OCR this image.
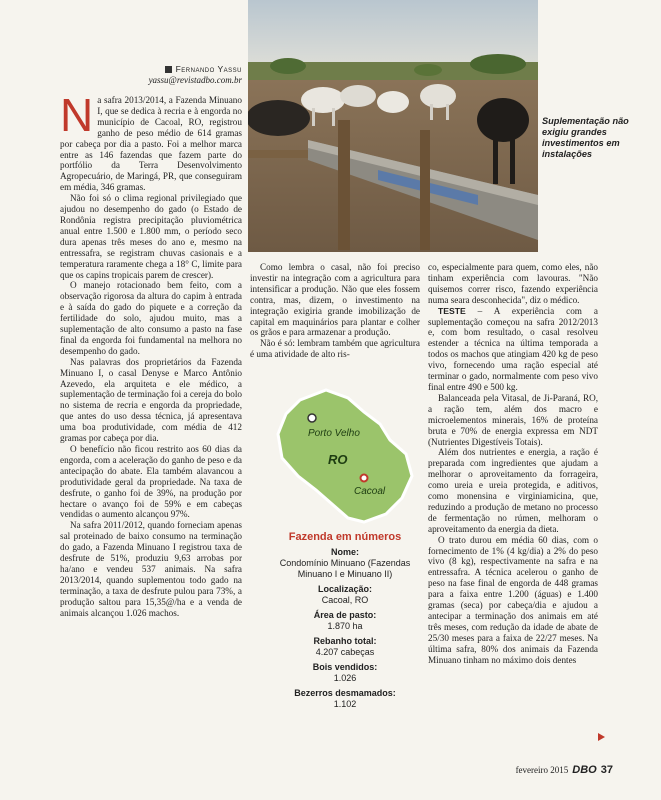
Suplementação não exigiu grandes investimentos em instalações
Fernando Yassu
yassu@revistadbo.com.br

Na safra 2013/2014, a Fazenda Minuano I, que se dedica à recria e à engorda no município de Cacoal, RO, registrou ganho de peso médio de 614 gramas por cabeça por dia a pasto. Foi a melhor marca entre as 146 fazendas que fazem parte do portfólio da Terra Desenvolvimento Agropecuário, de Maringá, PR, que conseguiram em média, 346 gramas.

Não foi só o clima regional privilegiado que ajudou no desempenho do gado (o Estado de Rondônia registra precipitação pluviométrica anual entre 1.500 e 1.800 mm, o período seco dura apenas três meses do ano e, mesmo na entressafra, se registram chuvas casionais e a temperatura raramente chega a 18° C, limite para que os capins tropicais parem de crescer).

O manejo rotacionado bem feito, com a observação rigorosa da altura do capim à entrada e à saída do gado do piquete e a correção da fertilidade do solo, ajudou muito, mas a suplementação de alto consumo a pasto na fase final da engorda foi fundamental na melhora no desempenho do gado.

Nas palavras dos proprietários da Fazenda Minuano I, o casal Denyse e Marco Antônio Azevedo, ela arquiteta e ele médico, a suplementação de terminação foi a cereja do bolo no sistema de recria e engorda da propriedade, que antes do uso dessa técnica, já apresentava uma boa produtividade, com média de 412 gramas por cabeça por dia.

O benefício não ficou restrito aos 60 dias da engorda, com a aceleração do ganho de peso e da antecipação do abate. Ela também alavancou a produtividade geral da propriedade. Na taxa de desfrute, o ganho foi de 39%, na produção por hectare o avanço foi de 59% e em cabeças vendidas o aumento alcançou 97%.

Na safra 2011/2012, quando forneciam apenas sal proteinado de baixo consumo na terminação do gado, a Fazenda Minuano I registrou taxa de desfrute de 51%, produziu 9,63 arrobas por ha/ano e vendeu 537 animais. Na safra 2013/2014, quando suplementou todo gado na terminação, a taxa de desfrute pulou para 73%, a produção saltou para 15,35@/ha e a venda de animais alcançou 1.026 machos.

Como lembra o casal, não foi preciso investir na integração com a agricultura para intensificar a produção. Não que eles fossem contra, mas, dizem, o investimento na integração exigiria grande imobilização de capital em maquinários para plantar e colher os grãos e para armazenar a produção.

Não é só: lembram também que agricultura é uma atividade de alto ris-

Porto Velho
RO
Cacoal
Fazenda em números
Nome:
Condomínio Minuano (Fazendas Minuano I e Minuano II)
Localização:
Cacoal, RO
Área de pasto:
1.870 ha
Rebanho total:
4.207 cabeças
Bois vendidos:
1.026
Bezerros desmamados:
1.102

co, especialmente para quem, como eles, não tinham experiência com lavouras. "Não quisemos correr risco, fazendo experiência numa seara desconhecida", diz o médico.

TESTE – A experiência com a suplementação começou na safra 2012/2013 e, com bom resultado, o casal resolveu estender a técnica na última temporada a todos os machos que atingiam 420 kg de peso vivo, fornecendo uma ração especial até terminar o gado, normalmente com peso vivo final entre 490 e 500 kg.

Balanceada pela Vitasal, de Ji-Paraná, RO, a ração tem, além dos macro e microelementos minerais, 16% de proteína bruta e 70% de energia expressa em NDT (Nutrientes Digestíveis Totais).

Além dos nutrientes e energia, a ração é preparada com ingredientes que ajudam a melhorar o aproveitamento da forrageira, como ureia e ureia protegida, e aditivos, como monensina e virginiamicina, que, reduzindo a produção de metano no processo de fermentação no rúmen, melhoram o aproveitamento da energia da dieta.

O trato durou em média 60 dias, com o fornecimento de 1% (4 kg/dia) a 2% do peso vivo (8 kg), respectivamente na safra e na entressafra. A técnica acelerou o ganho de peso na fase final de engorda de 448 gramas para a faixa entre 1.200 (águas) e 1.400 gramas (seca) por cabeça/dia e ajudou a antecipar a terminação dos animais em até três meses, com redução da idade de abate de 25/30 meses para a faixa de 22/27 meses. Na última safra, 80% dos animais da Fazenda Minuano tinham no máximo dois dentes

fevereiro 2015 DBO 37
